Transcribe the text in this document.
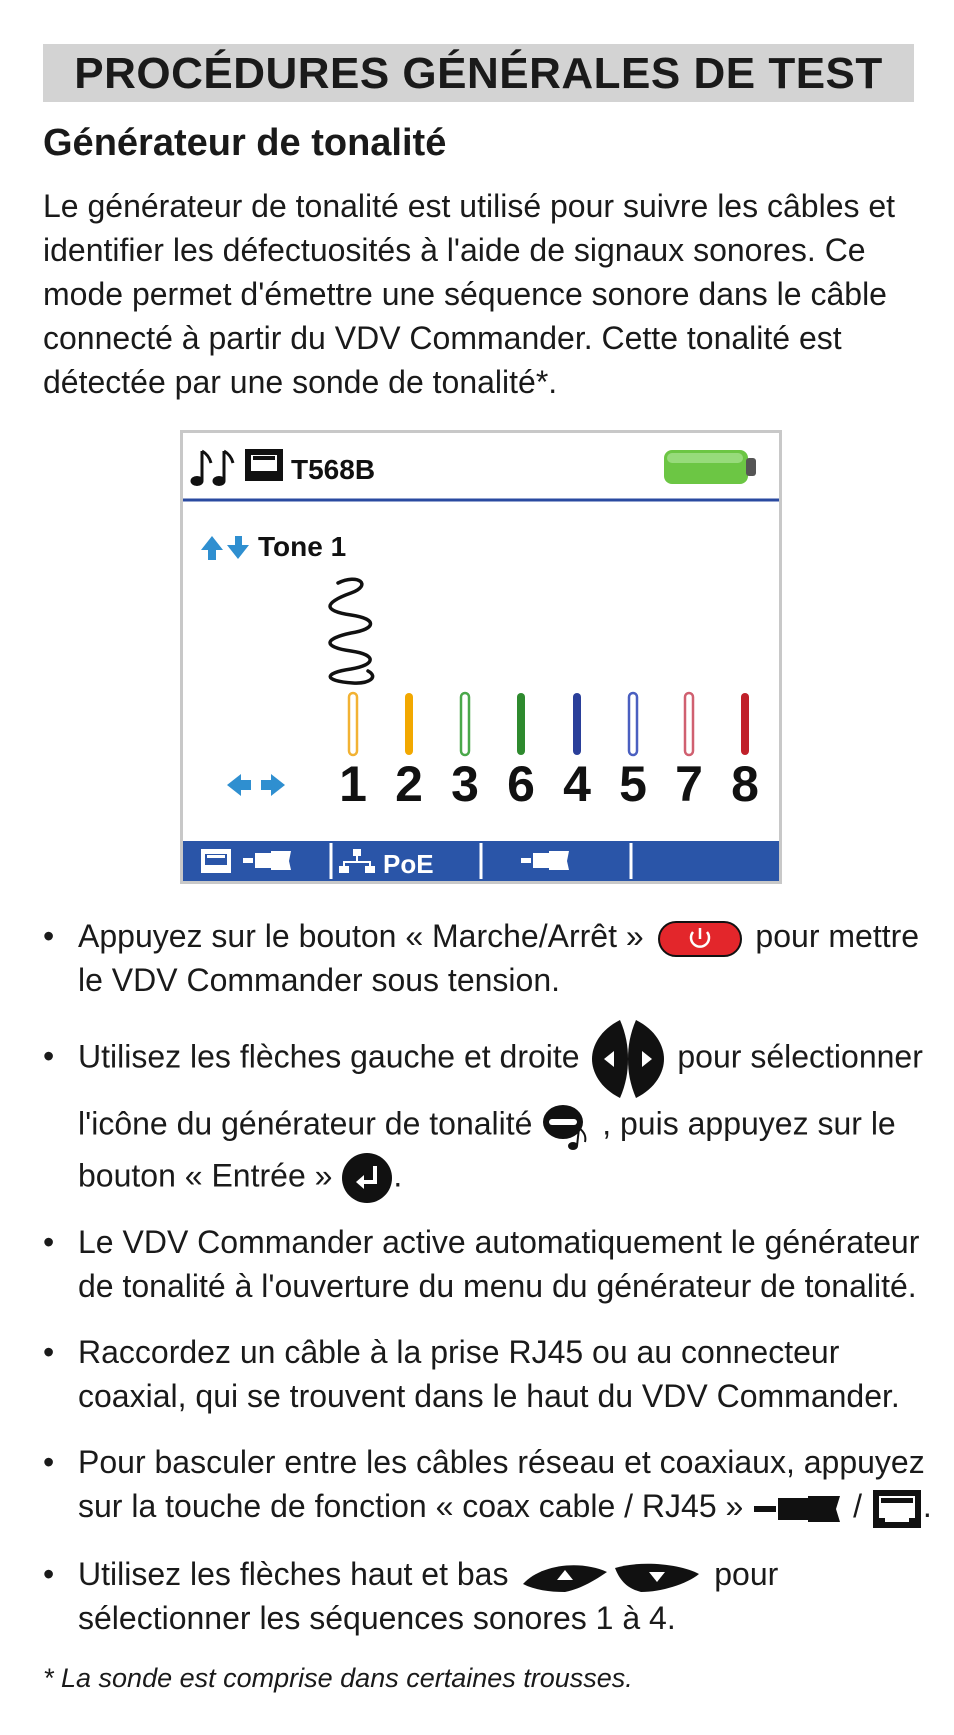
PROCÉDURES GÉNÉRALES DE TEST
Générateur de tonalité
Le générateur de tonalité est utilisé pour suivre les câbles et
identifier les défectuosités à l'aide de signaux sonores. Ce
mode permet d'émettre une séquence sonore dans le câble
connecté à partir du VDV Commander. Cette tonalité est
détectée par une sonde de tonalité*.
T568B
Tone 1
1 2 3 6 4 5 7 8
PoE
• Appuyez sur le bouton « Marche/Arrêt »	pour mettre
le VDV Commander sous tension.
• Utilisez les flèches gauche et droite	pour sélectionner
l'icône du générateur de tonalité , puis appuyez sur le
bouton « Entrée » .
• Le VDV Commander active automatiquement le générateur
de tonalité à l'ouverture du menu du générateur de tonalité.
• Raccordez un câble à la prise RJ45 ou au connecteur
coaxial, qui se trouvent dans le haut du VDV Commander.
• Pour basculer entre les câbles réseau et coaxiaux, appuyez
sur la touche de fonction « coax cable / RJ45 »	/ .
• Utilisez les flèches haut et bas	pour
sélectionner les séquences sonores 1 à 4.
* La sonde est comprise dans certaines trousses.
